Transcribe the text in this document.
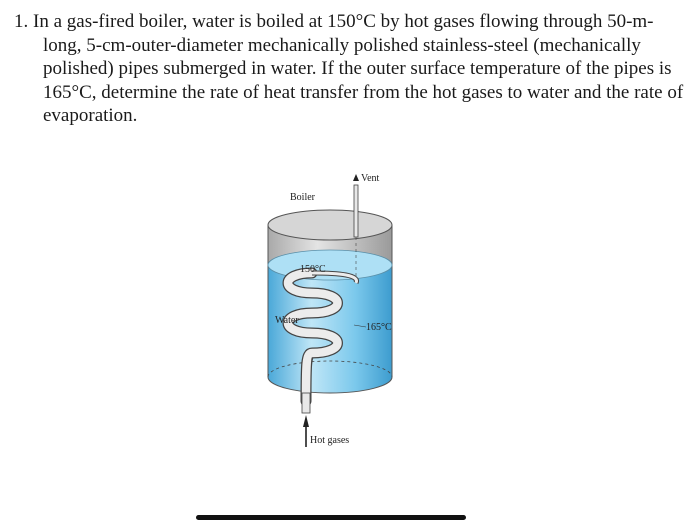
1. In a gas-fired boiler, water is boiled at 150°C by hot gases flowing through 50-m-long, 5-cm-outer-diameter mechanically polished stainless-steel (mechanically polished) pipes submerged in water. If the outer surface temperature of the pipes is 165°C, determine the rate of heat transfer from the hot gases to water and the rate of evaporation.
Vent
Boiler
150°C
Water
165°C
Hot gases
